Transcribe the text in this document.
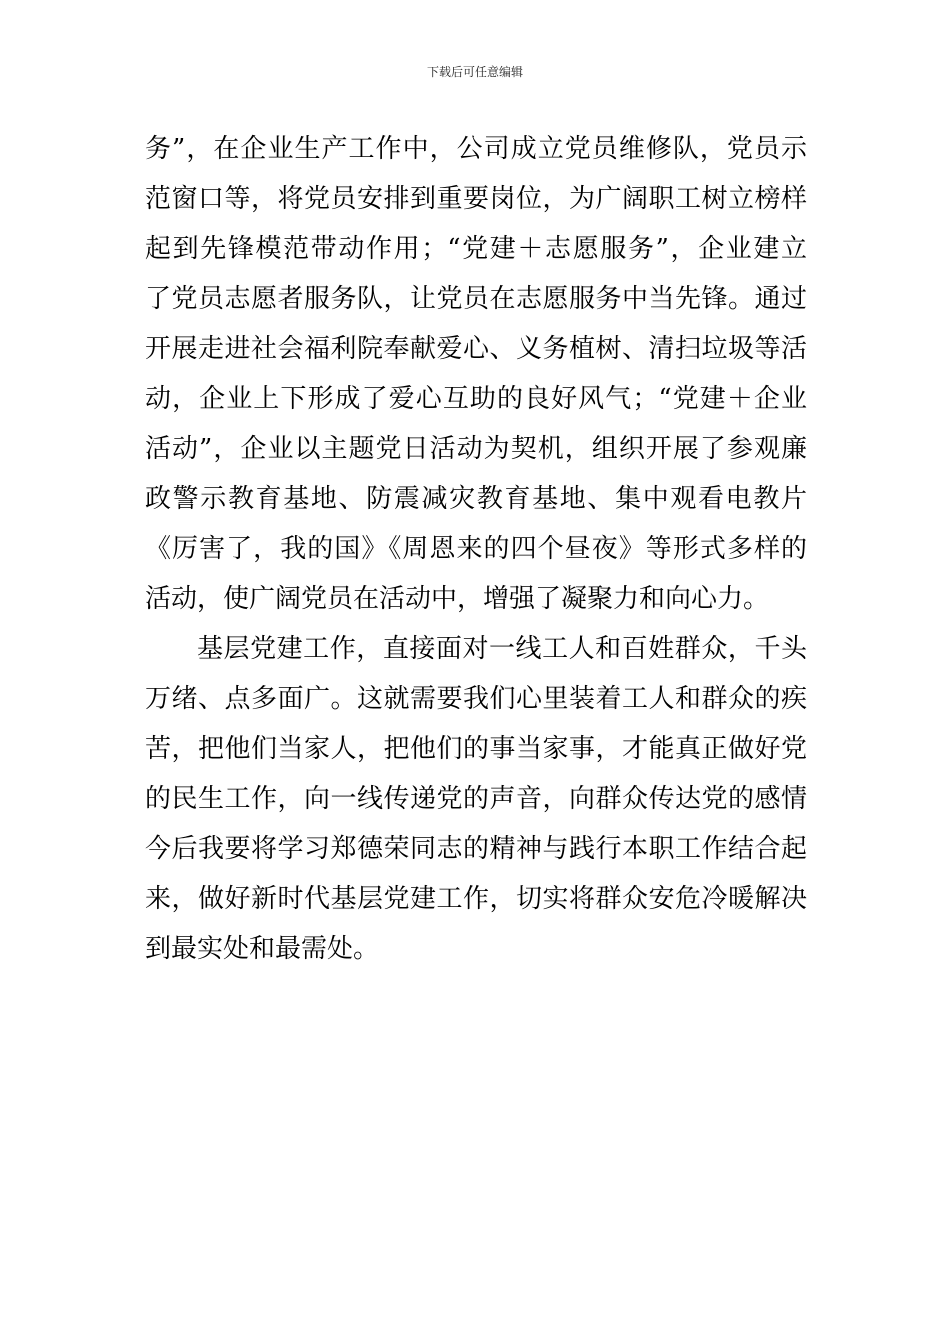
下载后可任意编辑
务”，在企业生产工作中，公司成立党员维修队，党员示
范窗口等，将党员安排到重要岗位，为广阔职工树立榜样
起到先锋模范带动作用；“党建＋志愿服务”，企业建立
了党员志愿者服务队，让党员在志愿服务中当先锋。通过
开展走进社会福利院奉献爱心、义务植树、清扫垃圾等活
动，企业上下形成了爱心互助的良好风气；“党建＋企业
活动”，企业以主题党日活动为契机，组织开展了参观廉
政警示教育基地、防震减灾教育基地、集中观看电教片
《厉害了，我的国》《周恩来的四个昼夜》等形式多样的
活动，使广阔党员在活动中，增强了凝聚力和向心力。
基层党建工作，直接面对一线工人和百姓群众，千头
万绪、点多面广。这就需要我们心里装着工人和群众的疾
苦，把他们当家人，把他们的事当家事，才能真正做好党
的民生工作，向一线传递党的声音，向群众传达党的感情
今后我要将学习郑德荣同志的精神与践行本职工作结合起
来，做好新时代基层党建工作，切实将群众安危冷暖解决
到最实处和最需处。
